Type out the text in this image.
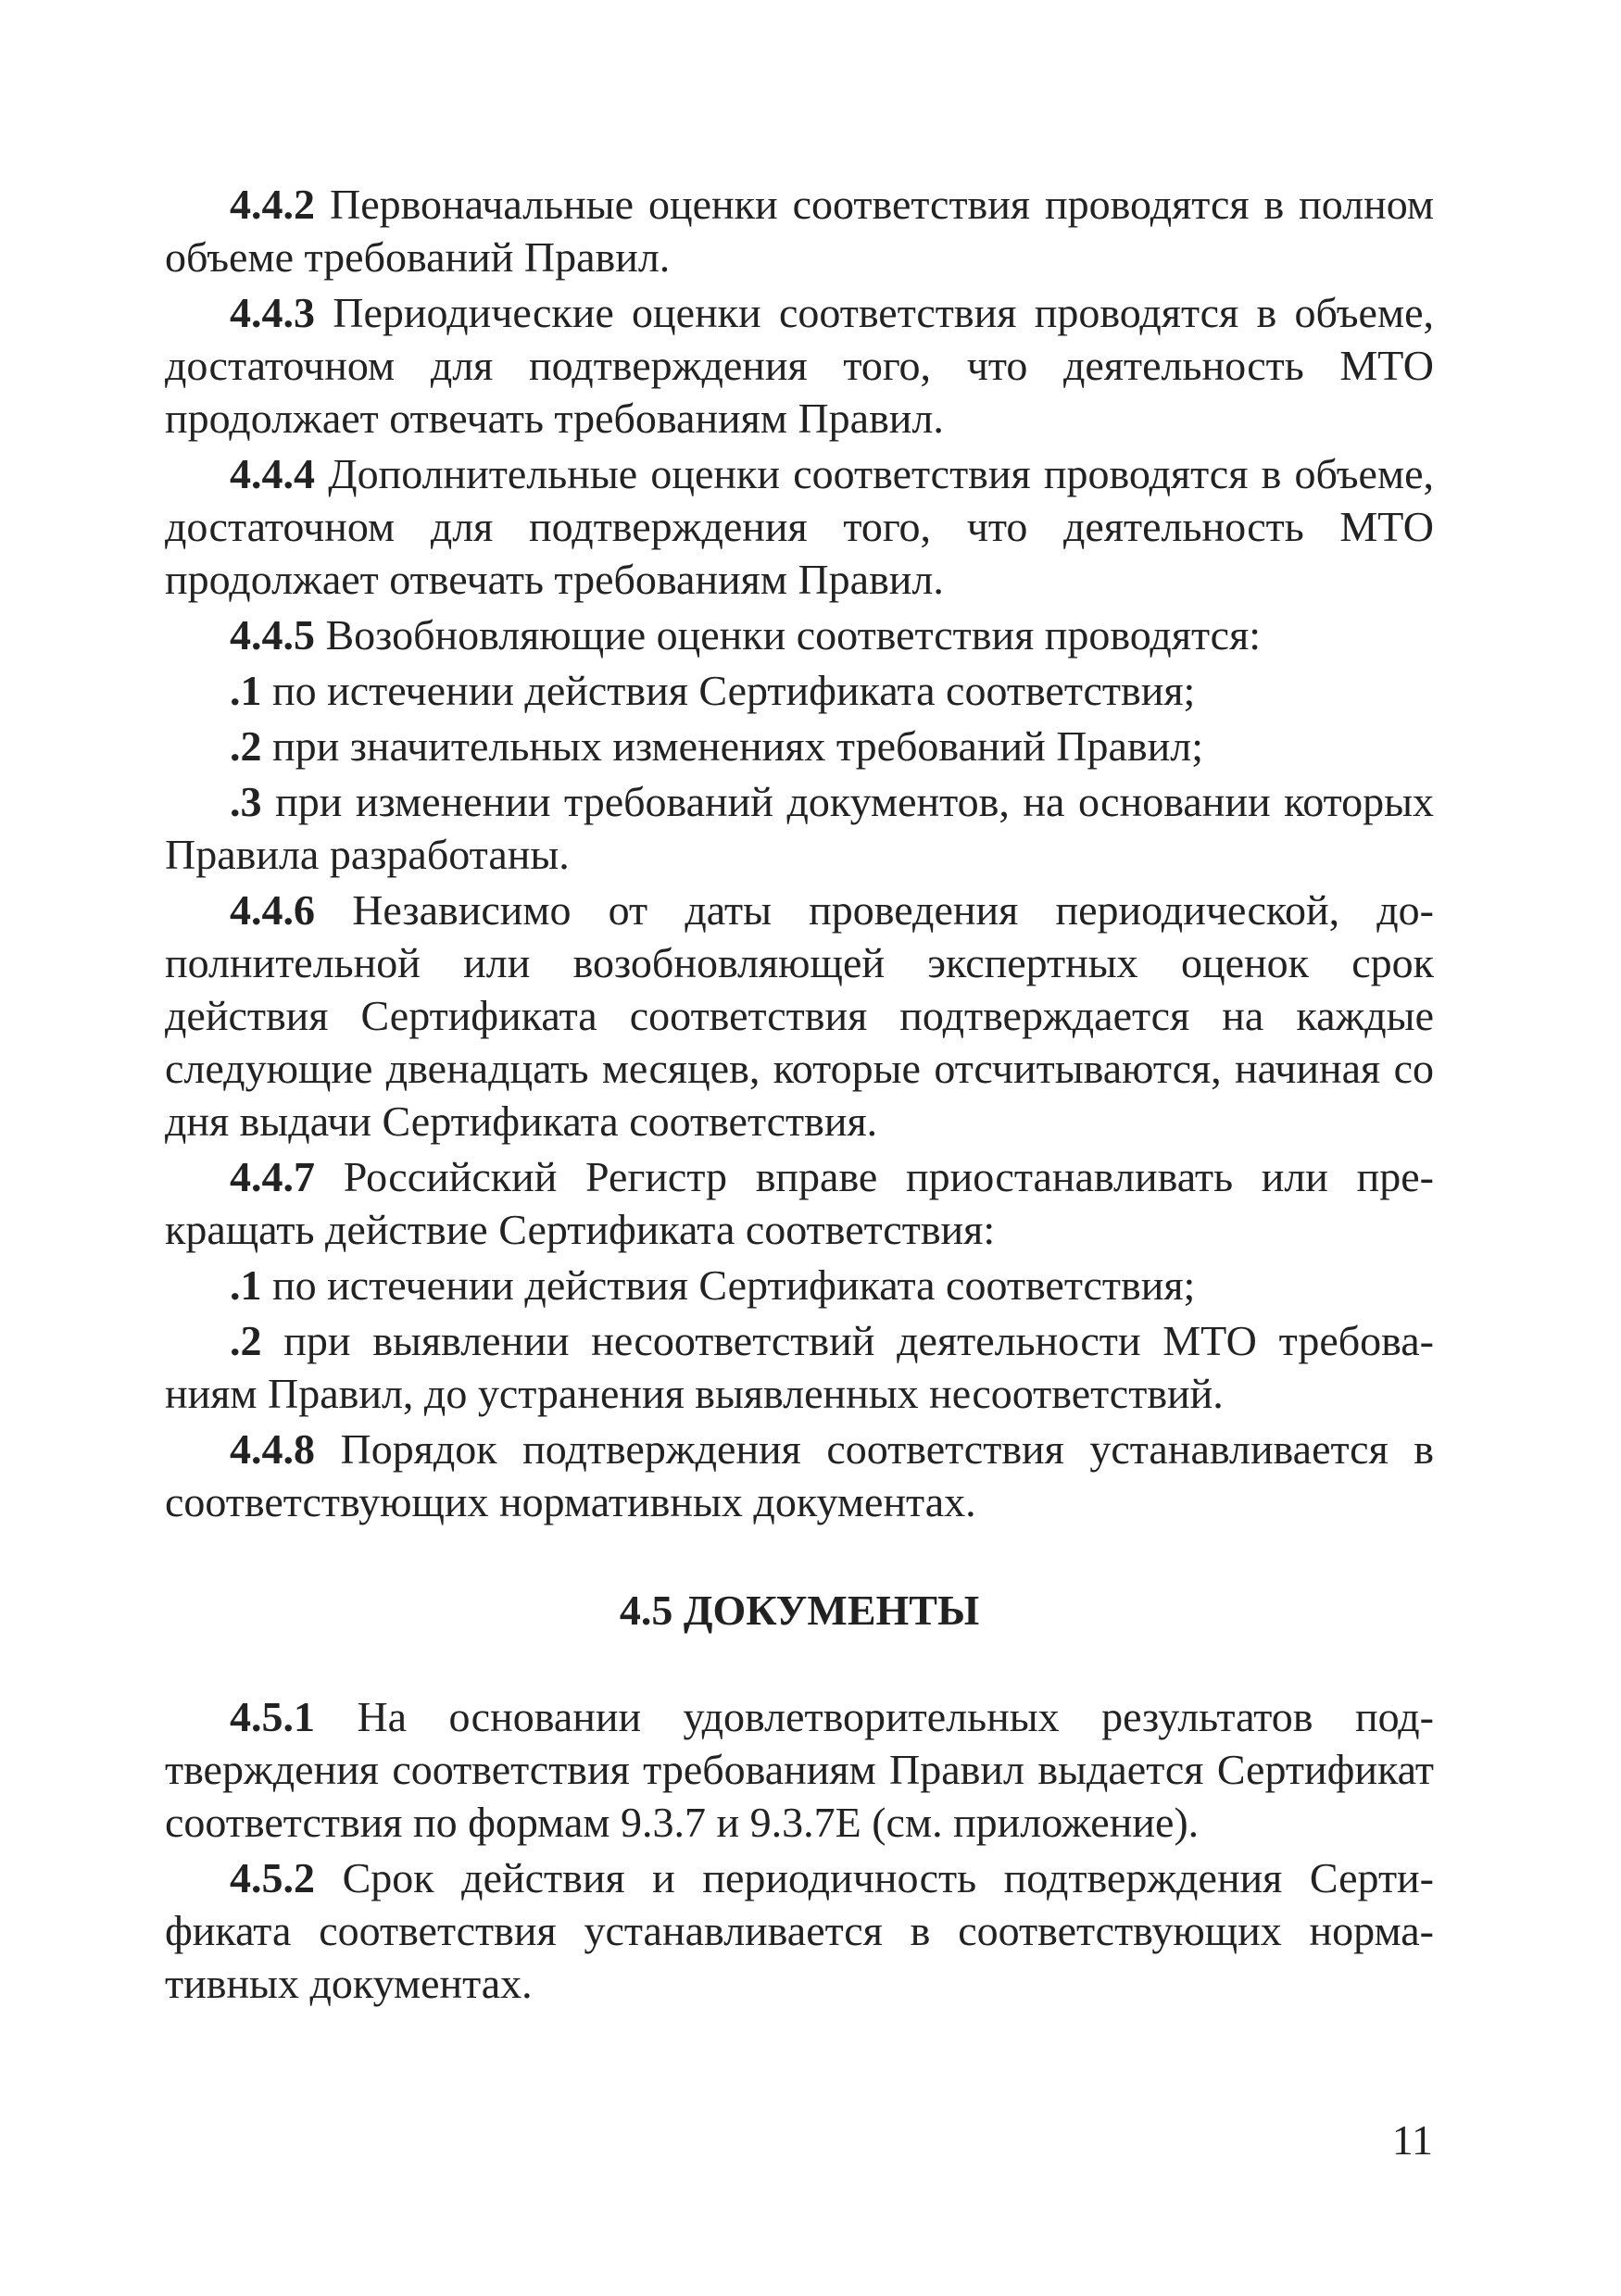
4.4.2 Первоначальные оценки соответствия проводятся в полном объеме требований Правил.

4.4.3 Периодические оценки соответствия проводятся в объеме, достаточном для подтверждения того, что деятельность МТО продолжает отвечать требованиям Правил.

4.4.4 Дополнительные оценки соответствия проводятся в объеме, достаточном для подтверждения того, что деятельность МТО продолжает отвечать требованиям Правил.

4.4.5 Возобновляющие оценки соответствия проводятся:

.1 по истечении действия Сертификата соответствия;

.2 при значительных изменениях требований Правил;

.3 при изменении требований документов, на основании которых Правила разработаны.

4.4.6 Независимо от даты проведения периодической, дополнительной или возобновляющей экспертных оценок срок действия Сертификата соответствия подтверждается на каждые следующие двенадцать месяцев, которые отсчитываются, начиная со дня выдачи Сертификата соответствия.

4.4.7 Российский Регистр вправе приостанавливать или прекращать действие Сертификата соответствия:

.1 по истечении действия Сертификата соответствия;

.2 при выявлении несоответствий деятельности МТО требованиям Правил, до устранения выявленных несоответствий.

4.4.8 Порядок подтверждения соответствия устанавливается в соответствующих нормативных документах.

4.5 ДОКУМЕНТЫ

4.5.1 На основании удовлетворительных результатов подтверждения соответствия требованиям Правил выдается Сертификат соответствия по формам 9.3.7 и 9.3.7Е (см. приложение).

4.5.2 Срок действия и периодичность подтверждения Сертификата соответствия устанавливается в соответствующих нормативных документах.

11
